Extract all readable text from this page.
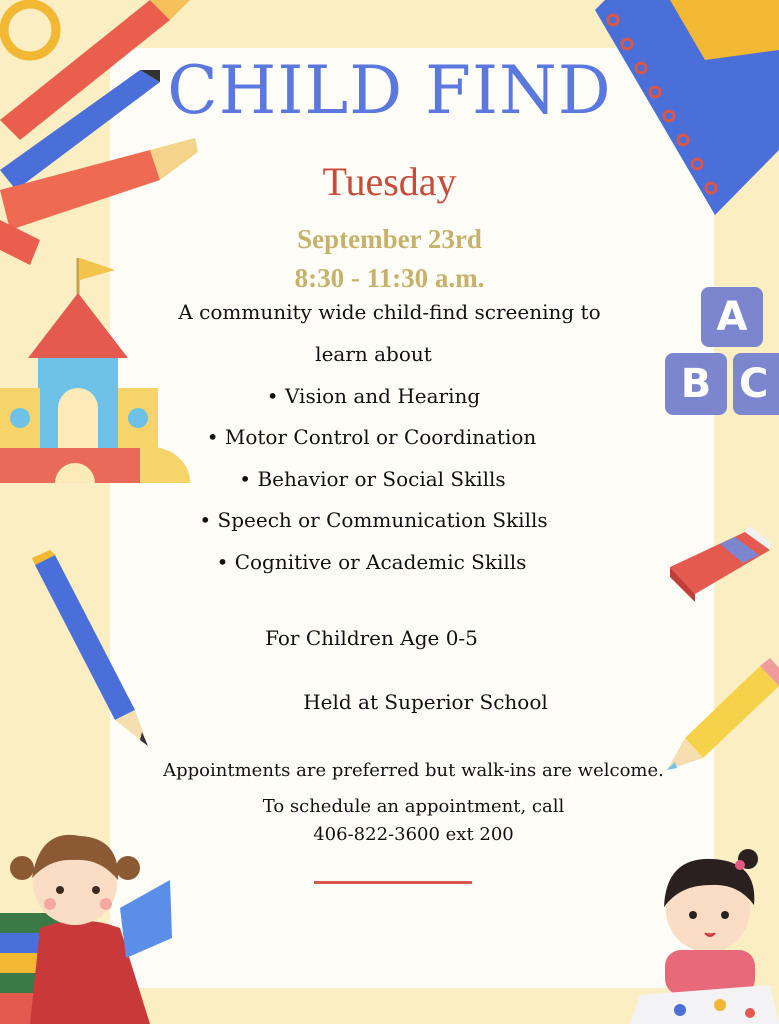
A
B C
CHILD FIND
Tuesday
September 23rd
8:30 - 11:30 a.m.
A community wide child-find screening to
learn about
• Vision and Hearing
• Motor Control or Coordination
• Behavior or Social Skills
• Speech or Communication Skills
• Cognitive or Academic Skills
For Children Age 0-5
Held at Superior School
Appointments are preferred but walk-ins are welcome.
To schedule an appointment, call
406-822-3600 ext 200
